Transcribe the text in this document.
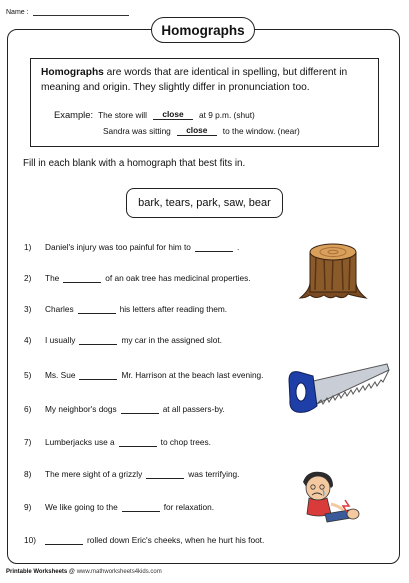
Name :
Homographs
Homographs are words that are identical in spelling, but different in meaning and origin. They slightly differ in pronunciation too.
Example: The store will	close	at 9 p.m. (shut)
Sandra was sitting	close	to the window. (near)
Fill in each blank with a homograph that best fits in.
bark, tears, park, saw, bear
1)	Daniel's injury was too painful for him to	.
2)	The	of an oak tree has medicinal properties.
3)	Charles	his letters after reading them.
4)	I usually	my car in the assigned slot.
5)	Ms. Sue	Mr. Harrison at the beach last evening.
6)	My neighbor's dogs	at all passers-by.
7)	Lumberjacks use a	to chop trees.
8)	The mere sight of a grizzly	was terrifying.
9)	We like going to the	for relaxation.
10)	rolled down Eric's cheeks, when he hurt his foot.
Printable Worksheets @ www.mathworksheets4kids.com
